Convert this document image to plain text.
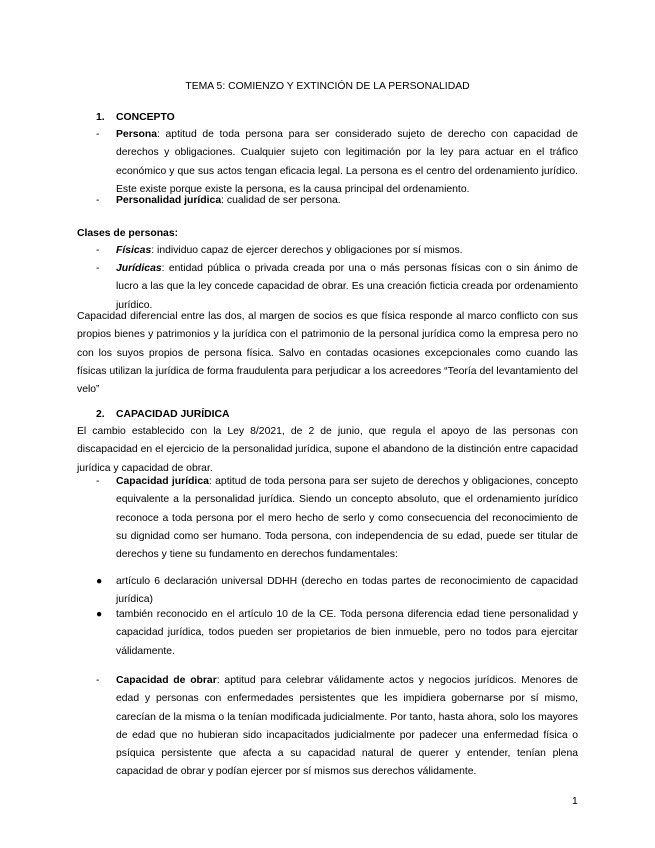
TEMA 5: COMIENZO Y EXTINCIÓN DE LA PERSONALIDAD
1. CONCEPTO
- Persona: aptitud de toda persona para ser considerado sujeto de derecho con capacidad de derechos y obligaciones. Cualquier sujeto con legitimación por la ley para actuar en el tráfico económico y que sus actos tengan eficacia legal. La persona es el centro del ordenamiento jurídico. Este existe porque existe la persona, es la causa principal del ordenamiento.
- Personalidad jurídica: cualidad de ser persona.
Clases de personas:
- Físicas: individuo capaz de ejercer derechos y obligaciones por sí mismos.
- Jurídicas: entidad pública o privada creada por una o más personas físicas con o sin ánimo de lucro a las que la ley concede capacidad de obrar. Es una creación ficticia creada por ordenamiento jurídico.
Capacidad diferencial entre las dos, al margen de socios es que física responde al marco conflicto con sus propios bienes y patrimonios y la jurídica con el patrimonio de la personal jurídica como la empresa pero no con los suyos propios de persona física. Salvo en contadas ocasiones excepcionales como cuando las físicas utilizan la jurídica de forma fraudulenta para perjudicar a los acreedores “Teoría del levantamiento del velo”
2. CAPACIDAD JURÍDICA
El cambio establecido con la Ley 8/2021, de 2 de junio, que regula el apoyo de las personas con discapacidad en el ejercicio de la personalidad jurídica, supone el abandono de la distinción entre capacidad jurídica y capacidad de obrar.
- Capacidad jurídica: aptitud de toda persona para ser sujeto de derechos y obligaciones, concepto equivalente a la personalidad jurídica. Siendo un concepto absoluto, que el ordenamiento jurídico reconoce a toda persona por el mero hecho de serlo y como consecuencia del reconocimiento de su dignidad como ser humano. Toda persona, con independencia de su edad, puede ser titular de derechos y tiene su fundamento en derechos fundamentales:
● artículo 6 declaración universal DDHH (derecho en todas partes de reconocimiento de capacidad jurídica)
● también reconocido en el artículo 10 de la CE. Toda persona diferencia edad tiene personalidad y capacidad jurídica, todos pueden ser propietarios de bien inmueble, pero no todos para ejercitar válidamente.
- Capacidad de obrar: aptitud para celebrar válidamente actos y negocios jurídicos. Menores de edad y personas con enfermedades persistentes que les impidiera gobernarse por sí mismo, carecían de la misma o la tenían modificada judicialmente. Por tanto, hasta ahora, solo los mayores de edad que no hubieran sido incapacitados judicialmente por padecer una enfermedad física o psíquica persistente que afecta a su capacidad natural de querer y entender, tenían plena capacidad de obrar y podían ejercer por sí mismos sus derechos válidamente.
1
